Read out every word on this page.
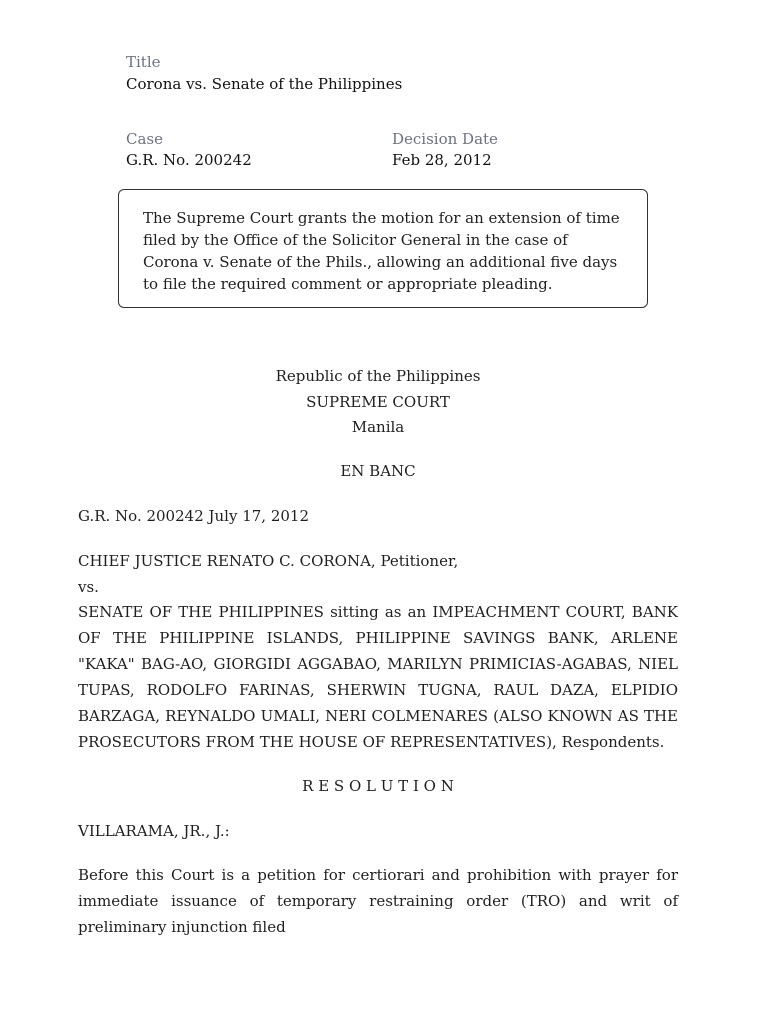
Title
Corona vs. Senate of the Philippines
Case
G.R. No. 200242
Decision Date
Feb 28, 2012
The Supreme Court grants the motion for an extension of time filed by the Office of the Solicitor General in the case of Corona v. Senate of the Phils., allowing an additional five days to file the required comment or appropriate pleading.
Republic of the Philippines
SUPREME COURT
Manila
EN BANC
G.R. No. 200242 July 17, 2012
CHIEF JUSTICE RENATO C. CORONA, Petitioner,
vs.
SENATE OF THE PHILIPPINES sitting as an IMPEACHMENT COURT, BANK OF THE PHILIPPINE ISLANDS, PHILIPPINE SAVINGS BANK, ARLENE "KAKA" BAG-AO, GIORGIDI AGGABAO, MARILYN PRIMICIAS-AGABAS, NIEL TUPAS, RODOLFO FARINAS, SHERWIN TUGNA, RAUL DAZA, ELPIDIO BARZAGA, REYNALDO UMALI, NERI COLMENARES (ALSO KNOWN AS THE PROSECUTORS FROM THE HOUSE OF REPRESENTATIVES), Respondents.
R E S O L U T I O N
VILLARAMA, JR., J.:
Before this Court is a petition for certiorari and prohibition with prayer for immediate issuance of temporary restraining order (TRO) and writ of preliminary injunction filed
